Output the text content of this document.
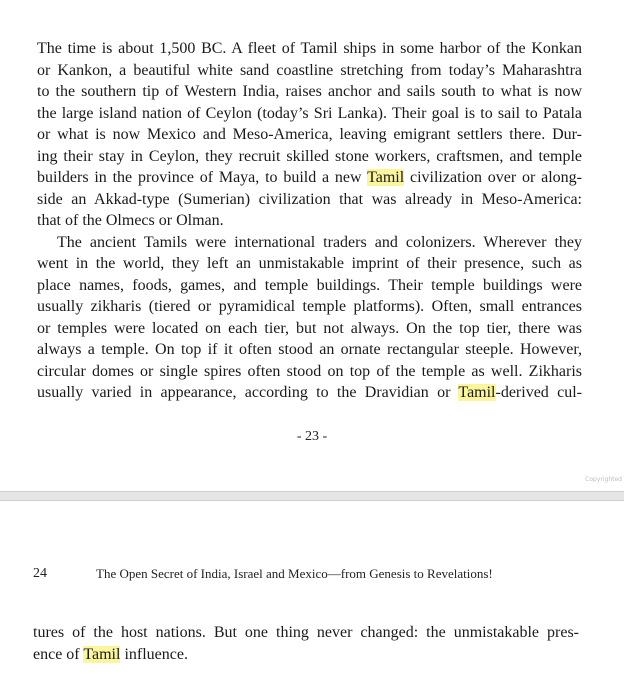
The time is about 1,500 BC. A fleet of Tamil ships in some harbor of the Konkan
or Kankon, a beautiful white sand coastline stretching from today’s Maharashtra
to the southern tip of Western India, raises anchor and sails south to what is now
the large island nation of Ceylon (today’s Sri Lanka). Their goal is to sail to Patala
or what is now Mexico and Meso-America, leaving emigrant settlers there. Dur-
ing their stay in Ceylon, they recruit skilled stone workers, craftsmen, and temple
builders in the province of Maya, to build a new Tamil civilization over or along-
side an Akkad-type (Sumerian) civilization that was already in Meso-America:
that of the Olmecs or Olman.

The ancient Tamils were international traders and colonizers. Wherever they
went in the world, they left an unmistakable imprint of their presence, such as
place names, foods, games, and temple buildings. Their temple buildings were
usually zikharis (tiered or pyramidical temple platforms). Often, small entrances
or temples were located on each tier, but not always. On the top tier, there was
always a temple. On top if it often stood an ornate rectangular steeple. However,
circular domes or single spires often stood on top of the temple as well. Zikharis
usually varied in appearance, according to the Dravidian or Tamil-derived cul-

- 23 -
Copyrighted
24	The Open Secret of India, Israel and Mexico—from Genesis to Revelations!
tures of the host nations. But one thing never changed: the unmistakable pres-
ence of Tamil influence.
